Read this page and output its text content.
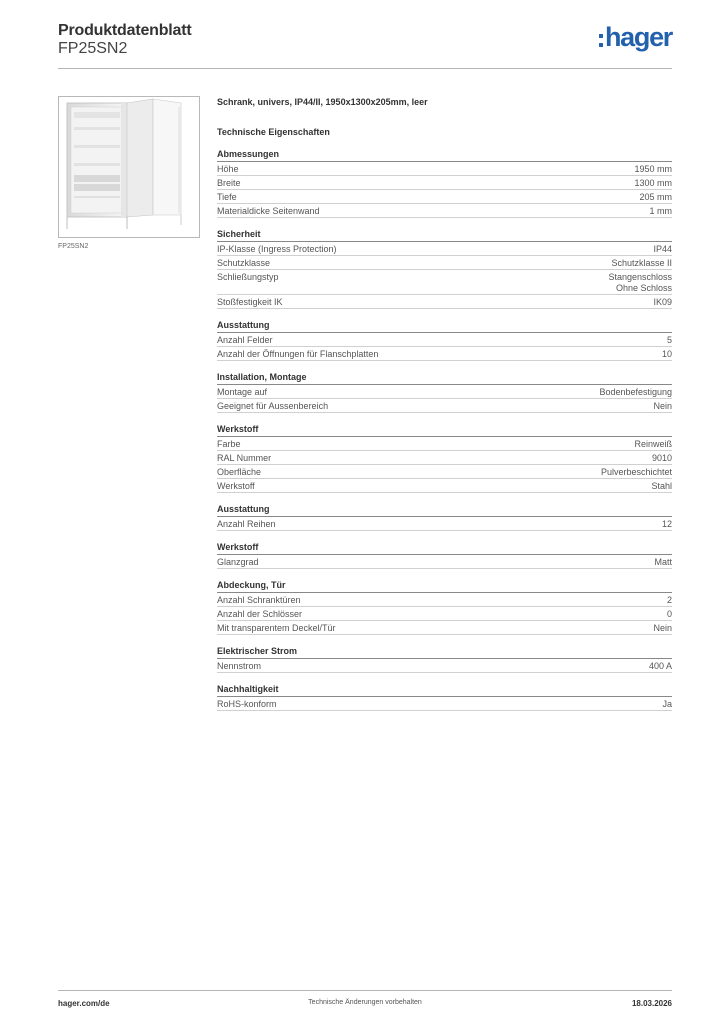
Produktdatenblatt
FP25SN2	hager
FP25SN2
Schrank, univers, IP44/II, 1950x1300x205mm, leer
Technische Eigenschaften
Abmessungen
Höhe	1950 mm
Breite	1300 mm
Tiefe	205 mm
Materialdicke Seitenwand	1 mm
Sicherheit
IP-Klasse (Ingress Protection)	IP44
Schutzklasse	Schutzklasse II
Schließungstyp	Stangenschloss
Ohne Schloss
Stoßfestigkeit IK	IK09
Ausstattung
Anzahl Felder	5
Anzahl der Öffnungen für Flanschplatten	10
Installation, Montage
Montage auf	Bodenbefestigung
Geeignet für Aussenbereich	Nein
Werkstoff
Farbe	Reinweiß
RAL Nummer	9010
Oberfläche	Pulverbeschichtet
Werkstoff	Stahl
Ausstattung
Anzahl Reihen	12
Werkstoff
Glanzgrad	Matt
Abdeckung, Tür
Anzahl Schranktüren	2
Anzahl der Schlösser	0
Mit transparentem Deckel/Tür	Nein
Elektrischer Strom
Nennstrom	400 A
Nachhaltigkeit
RoHS-konform	Ja
hager.com/de	Technische Änderungen vorbehalten	18.03.2026
